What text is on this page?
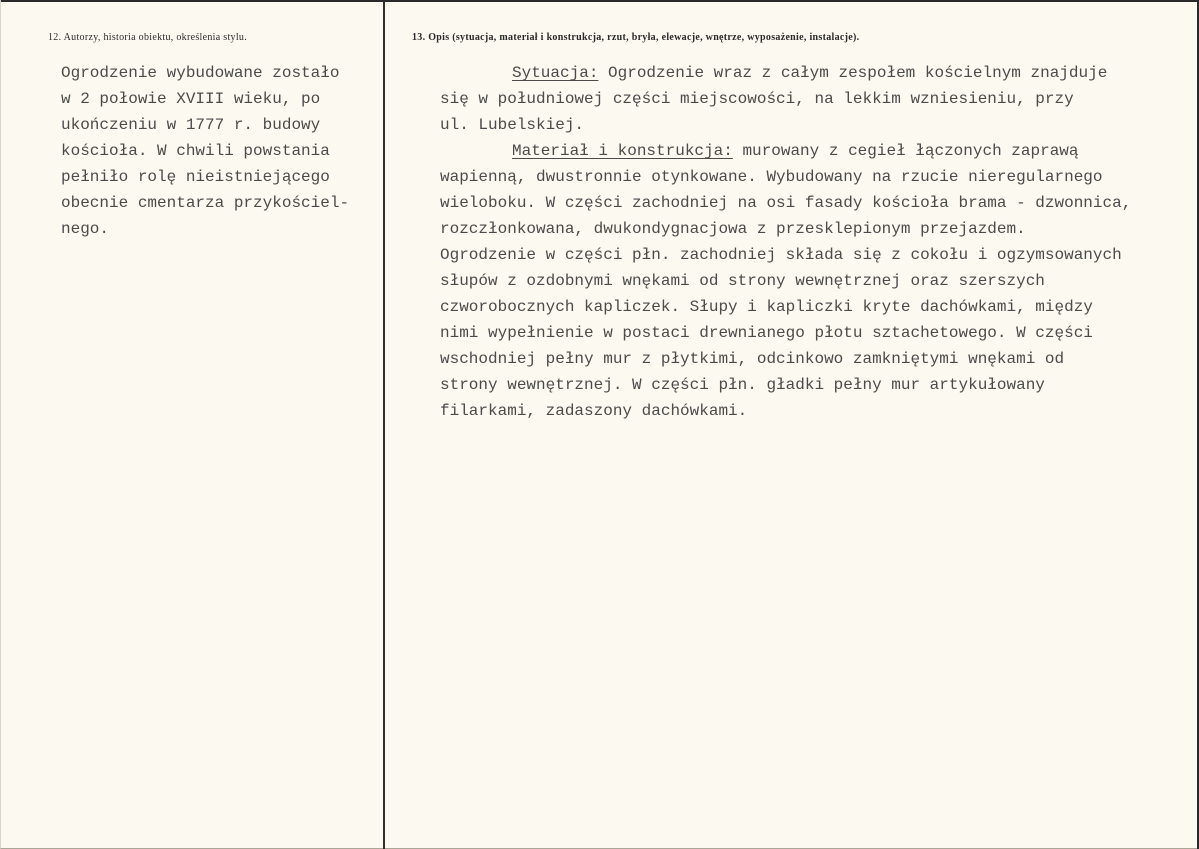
12. Autorzy, historia obiektu, określenia stylu.	13. Opis (sytuacja, materiał i konstrukcja, rzut, bryła, elewacje, wnętrze, wyposażenie, instalacje).

Ogrodzenie wybudowane zostało

w 2 połowie XVIII wieku, po

ukończeniu w 1777 r. budowy

kościoła. W chwili powstania

pełniło rolę nieistniejącego

obecnie cmentarza przykościel-

nego.

Sytuacja: Ogrodzenie wraz z całym zespołem kościelnym znajduje

się w południowej części miejscowości, na lekkim wzniesieniu, przy

ul. Lubelskiej.

Materiał i konstrukcja: murowany z cegieł łączonych zaprawą

wapienną, dwustronnie otynkowane. Wybudowany na rzucie nieregularnego

wieloboku. W części zachodniej na osi fasady kościoła brama - dzwonnica,

rozczłonkowana, dwukondygnacjowa z przesklepionym przejazdem.

Ogrodzenie w części płn. zachodniej składa się z cokołu i ogzymsowanych

słupów z ozdobnymi wnękami od strony wewnętrznej oraz szerszych

czworobocznych kapliczek. Słupy i kapliczki kryte dachówkami, między

nimi wypełnienie w postaci drewnianego płotu sztachetowego. W części

wschodniej pełny mur z płytkimi, odcinkowo zamkniętymi wnękami od

strony wewnętrznej. W części płn. gładki pełny mur artykułowany

filarkami, zadaszony dachówkami.
